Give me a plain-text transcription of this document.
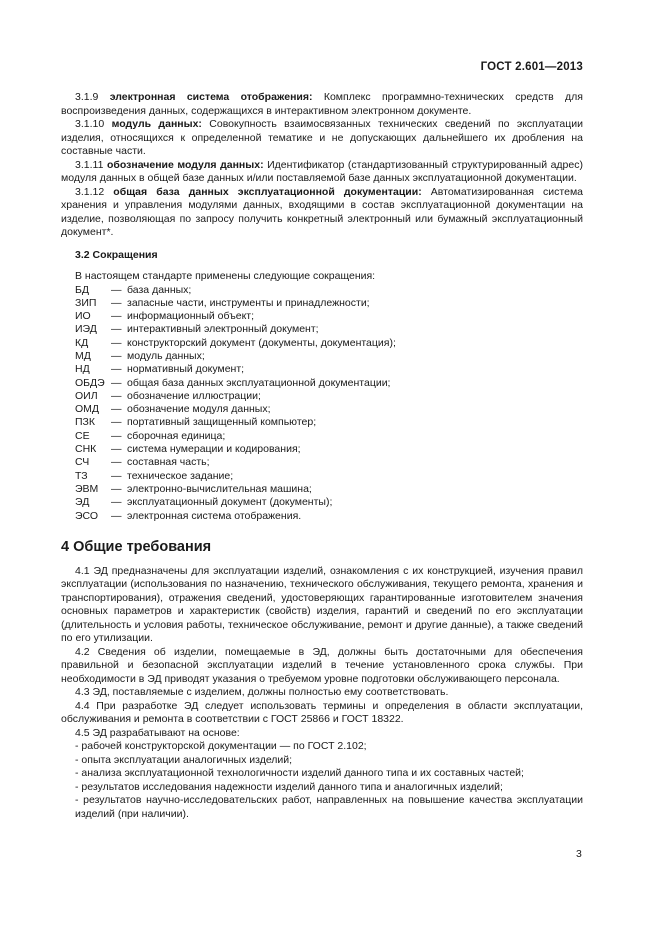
ГОСТ 2.601—2013

3.1.9 электронная система отображения: Комплекс программно-технических средств для воспроизведения данных, содержащихся в интерактивном электронном документе.

3.1.10 модуль данных: Совокупность взаимосвязанных технических сведений по эксплуатации изделия, относящихся к определенной тематике и не допускающих дальнейшего их дробления на составные части.

3.1.11 обозначение модуля данных: Идентификатор (стандартизованный структурированный адрес) модуля данных в общей базе данных и/или поставляемой базе данных эксплуатационной документации.

3.1.12 общая база данных эксплуатационной документации: Автоматизированная система хранения и управления модулями данных, входящими в состав эксплуатационной документации на изделие, позволяющая по запросу получить конкретный электронный или бумажный эксплуатационный документ*.

3.2 Сокращения

В настоящем стандарте применены следующие сокращения:

БД	— база данных;
ЗИП	— запасные части, инструменты и принадлежности;
ИО	— информационный объект;
ИЭД	— интерактивный электронный документ;
КД	— конструкторский документ (документы, документация);
МД	— модуль данных;
НД	— нормативный документ;
ОБДЭ — общая база данных эксплуатационной документации;
ОИЛ	— обозначение иллюстрации;
ОМД	— обозначение модуля данных;
ПЗК	— портативный защищенный компьютер;
СЕ	— сборочная единица;
СНК	— система нумерации и кодирования;
СЧ	— составная часть;
ТЗ	— техническое задание;
ЭВМ	— электронно-вычислительная машина;
ЭД	— эксплуатационный документ (документы);
ЭСО	— электронная система отображения.
4 Общие требования

4.1 ЭД предназначены для эксплуатации изделий, ознакомления с их конструкцией, изучения правил эксплуатации (использования по назначению, технического обслуживания, текущего ремонта, хранения и транспортирования), отражения сведений, удостоверяющих гарантированные изготовителем значения основных параметров и характеристик (свойств) изделия, гарантий и сведений по его эксплуатации (длительность и условия работы, техническое обслуживание, ремонт и другие данные), а также сведений по его утилизации.

4.2 Сведения об изделии, помещаемые в ЭД, должны быть достаточными для обеспечения правильной и безопасной эксплуатации изделий в течение установленного срока службы. При необходимости в ЭД приводят указания о требуемом уровне подготовки обслуживающего персонала.

4.3 ЭД, поставляемые с изделием, должны полностью ему соответствовать.

4.4 При разработке ЭД следует использовать термины и определения в области эксплуатации, обслуживания и ремонта в соответствии с ГОСТ 25866 и ГОСТ 18322.

4.5 ЭД разрабатывают на основе:

- рабочей конструкторской документации — по ГОСТ 2.102;

- опыта эксплуатации аналогичных изделий;

- анализа эксплуатационной технологичности изделий данного типа и их составных частей;

- результатов исследования надежности изделий данного типа и аналогичных изделий;

- результатов научно-исследовательских работ, направленных на повышение качества эксплуатации изделий (при наличии).

3
